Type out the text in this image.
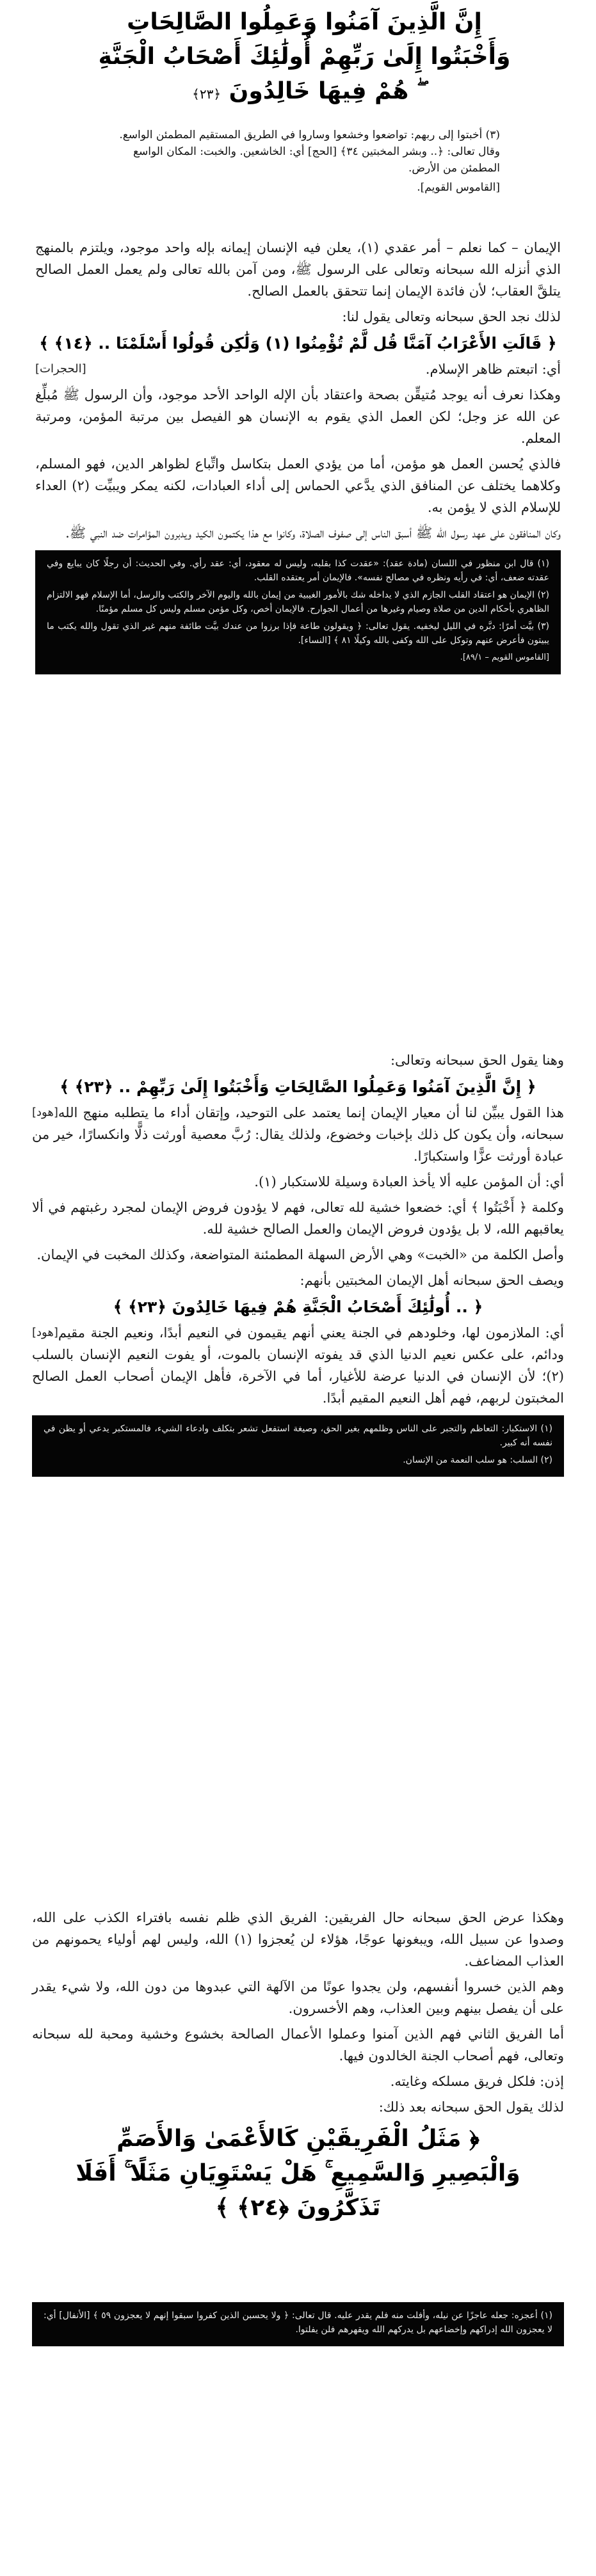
إِنَّ الَّذِينَ آمَنُوا وَعَمِلُوا الصَّالِحَاتِ وَأَخْبَتُوا إِلَىٰ رَبِّهِمْ أُولَٰئِكَ أَصْحَابُ الْجَنَّةِ ۖ هُمْ فِيهَا خَالِدُونَ ﴿٢٣﴾

(٣) أخبتوا إلى ربهم: تواضعوا وخشعوا وساروا في الطريق المستقيم المطمئن الواسع. وقال تعالى: ﴿.. وبشر المخبتين ٣٤﴾ [الحج] أي: الخاشعين. والخبت: المكان الواسع المطمئن من الأرض.

[القاموس القويم].

الإيمان – كما نعلم – أمر عقدي (١)، يعلن فيه الإنسان إيمانه بإله واحد موجود، ويلتزم بالمنهج الذي أنزله الله سبحانه وتعالى على الرسول ﷺ، ومن آمن بالله تعالى ولم يعمل العمل الصالح يتلقَّ العقاب؛ لأن فائدة الإيمان إنما تتحقق بالعمل الصالح.

لذلك نجد الحق سبحانه وتعالى يقول لنا:

﴿ قَالَتِ الأَعْرَابُ آمَنَّا قُل لَّمْ تُؤْمِنُوا (١) وَلَٰكِن قُولُوا أَسْلَمْنَا .. ﴿١٤﴾ ﴾
[الحجرات]	أي: اتبعتم ظاهر الإسلام.

وهكذا نعرف أنه يوجد مُتيقِّن بصحة واعتقاد بأن الإله الواحد الأحد موجود، وأن الرسول ﷺ مُبلِّغ عن الله عز وجل؛ لكن العمل الذي يقوم به الإنسان هو الفيصل بين مرتبة المؤمن، ومرتبة المعلم.

فالذي يُحسن العمل هو مؤمن، أما من يؤدي العمل بتكاسل واتِّباع لظواهر الدين، فهو المسلم، وكلاهما يختلف عن المنافق الذي يدَّعي الحماس إلى أداء العبادات، لكنه يمكر ويبيِّت (٢) العداء للإسلام الذي لا يؤمن به.

وكان المنافقون على عهد رسول الله ﷺ أسبق الناس إلى صفوف الصلاة، وكانوا مع هذا يكتمون الكيد ويدبرون المؤامرات ضد النبي ﷺ.

(١) قال ابن منظور في اللسان (مادة عقد): «عقدت كذا بقلبه، وليس له معقود، أي: عقد رأي. وفي الحديث: أن رجلًا كان يبايع وفي عقدته ضعف، أي: في رأيه ونظره في مصالح نفسه». فالإيمان أمر يعتقده القلب.

(٢) الإيمان هو اعتقاد القلب الجازم الذي لا يداخله شك بالأمور الغيبية من إيمان بالله واليوم الآخر والكتب والرسل، أما الإسلام فهو الالتزام الظاهري بأحكام الدين من صلاة وصيام وغيرها من أعمال الجوارح. فالإيمان أخص، وكل مؤمن مسلم وليس كل مسلم مؤمنًا.

(٣) بيَّت أمرًا: دبَّره في الليل ليخفيه. يقول تعالى: ﴿ ويقولون طاعة فإذا برزوا من عندك بيَّت طائفة منهم غير الذي تقول والله يكتب ما يبيتون فأعرض عنهم وتوكل على الله وكفى بالله وكيلًا ٨١ ﴾ [النساء].

[القاموس القويم – ٨٩/١].

وهنا يقول الحق سبحانه وتعالى:

﴿ إِنَّ الَّذِينَ آمَنُوا وَعَمِلُوا الصَّالِحَاتِ وَأَخْبَتُوا إِلَىٰ رَبِّهِمْ .. ﴿٢٣﴾ ﴾
[هود] هذا القول يبيِّن لنا أن معيار الإيمان إنما يعتمد على التوحيد، وإتقان أداء ما يتطلبه منهج الله سبحانه، وأن يكون كل ذلك بإخبات وخضوع، ولذلك يقال: رُبَّ معصية أورثت ذلًّا وانكسارًا، خير من عبادة أورثت عزًّا واستكبارًا.

أي: أن المؤمن عليه ألا يأخذ العبادة وسيلة للاستكبار (١).

وكلمة ﴿ أَخْبَتُوا ﴾ أي: خضعوا خشية لله تعالى، فهم لا يؤدون فروض الإيمان لمجرد رغبتهم في ألا يعاقبهم الله، لا بل يؤدون فروض الإيمان والعمل الصالح خشية لله.

وأصل الكلمة من «الخبت» وهي الأرض السهلة المطمئنة المتواضعة، وكذلك المخبت في الإيمان.

ويصف الحق سبحانه أهل الإيمان المخبتين بأنهم:

﴿ .. أُولَٰئِكَ أَصْحَابُ الْجَنَّةِ هُمْ فِيهَا خَالِدُونَ ﴿٢٣﴾ ﴾
[هود] أي: الملازمون لها، وخلودهم في الجنة يعني أنهم يقيمون في النعيم أبدًا، ونعيم الجنة مقيم ودائم، على عكس نعيم الدنيا الذي قد يفوته الإنسان بالموت، أو يفوت النعيم الإنسان بالسلب (٢)؛ لأن الإنسان في الدنيا عرضة للأغيار، أما في الآخرة، فأهل الإيمان أصحاب العمل الصالح المخبتون لربهم، فهم أهل النعيم المقيم أبدًا.

(١) الاستكبار: التعاظم والتجبر على الناس وظلمهم بغير الحق، وصيغة استفعل تشعر بتكلف وادعاء الشيء، فالمستكبر يدعي أو يظن في نفسه أنه كبير.

(٢) السلب: هو سلب النعمة من الإنسان.

وهكذا عرض الحق سبحانه حال الفريقين: الفريق الذي ظلم نفسه بافتراء الكذب على الله، وصدوا عن سبيل الله، ويبغونها عوجًا، هؤلاء لن يُعجزوا (١) الله، وليس لهم أولياء يحمونهم من العذاب المضاعف.

وهم الذين خسروا أنفسهم، ولن يجدوا عونًا من الآلهة التي عبدوها من دون الله، ولا شيء يقدر على أن يفصل بينهم وبين العذاب، وهم الأخسرون.

أما الفريق الثاني فهم الذين آمنوا وعملوا الأعمال الصالحة بخشوع وخشية ومحبة لله سبحانه وتعالى، فهم أصحاب الجنة الخالدون فيها.

إذن: فلكل فريق مسلكه وغايته.

لذلك يقول الحق سبحانه بعد ذلك:

﴿ مَثَلُ الْفَرِيقَيْنِ كَالأَعْمَىٰ وَالأَصَمِّ وَالْبَصِيرِ وَالسَّمِيعِ ۚ هَلْ يَسْتَوِيَانِ مَثَلًا ۚ أَفَلَا تَذَكَّرُونَ ﴿٢٤﴾ ﴾

(١) أعجزه: جعله عاجزًا عن نيله، وأفلت منه فلم يقدر عليه. قال تعالى: ﴿ ولا يحسبن الذين كفروا سبقوا إنهم لا يعجزون ٥٩ ﴾ [الأنفال] أي: لا يعجزون الله إدراكهم وإخضاعهم بل يدركهم الله ويقهرهم فلن يفلتوا.
